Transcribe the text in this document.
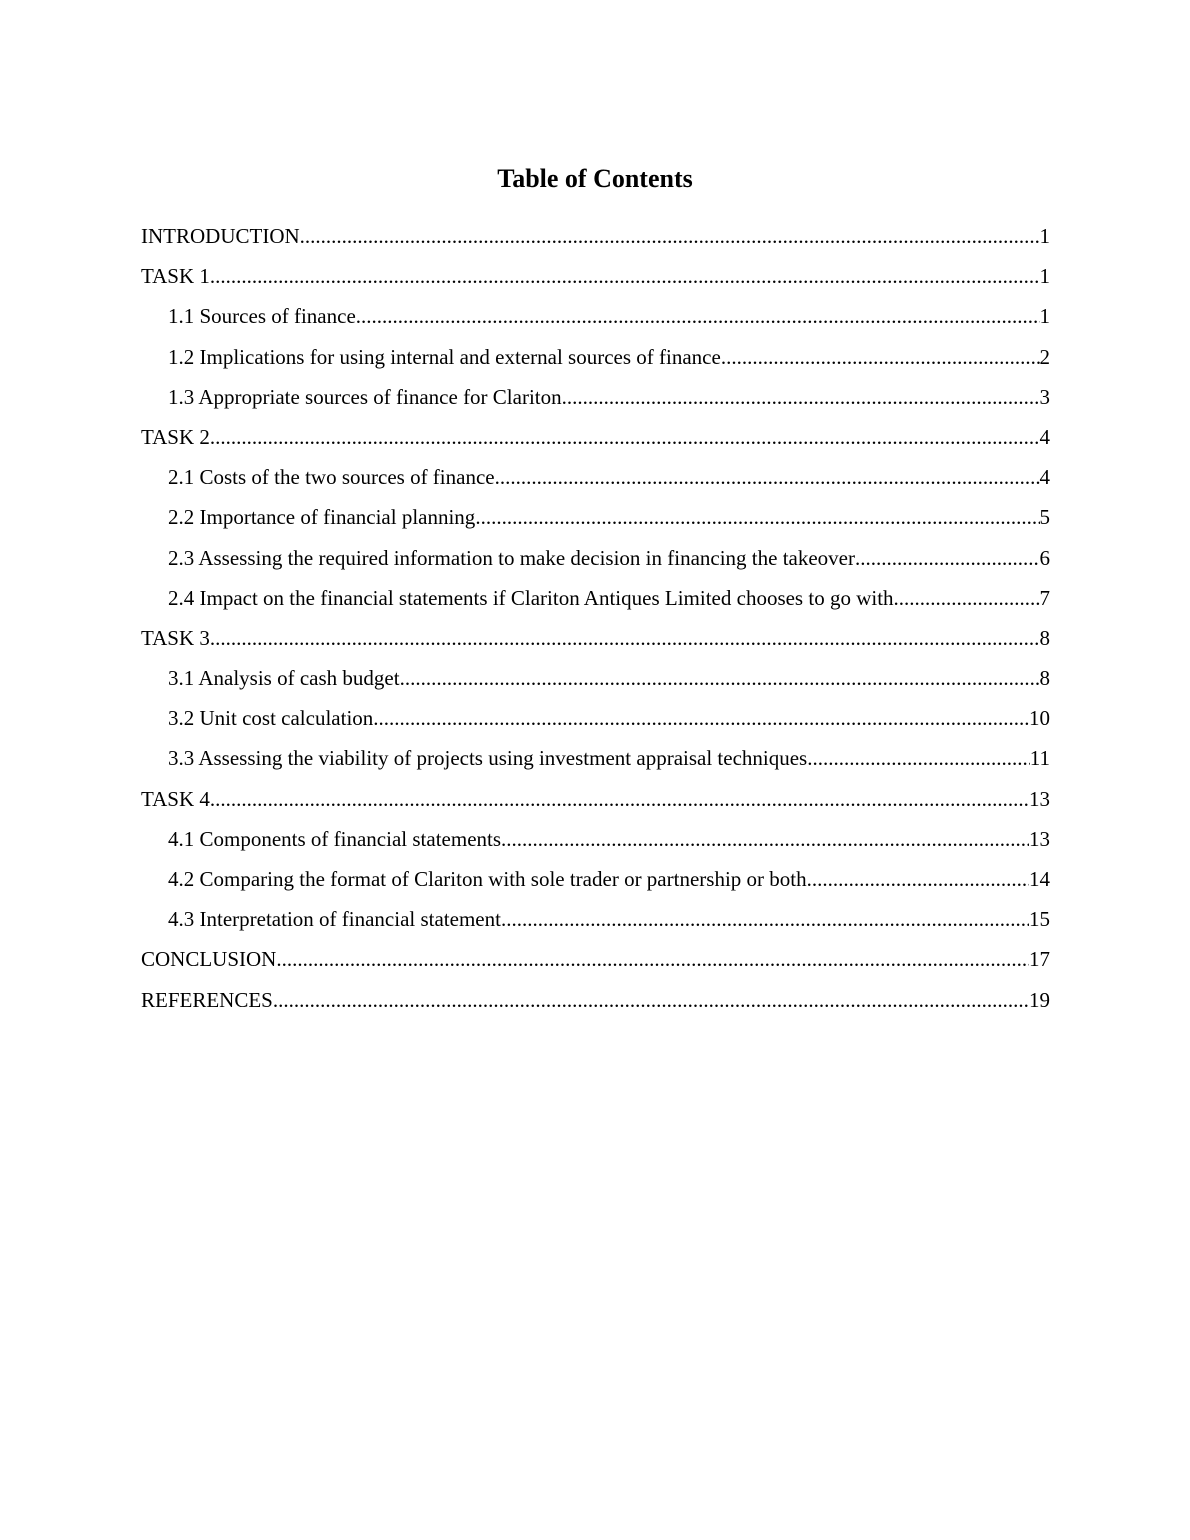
Table of Contents
INTRODUCTION .....	1
TASK 1 .....	1
1.1 Sources of finance .....	1
1.2 Implications for using internal and external sources of finance .....	2
1.3 Appropriate sources of finance for Clariton .....	3
TASK 2 .....	4
2.1 Costs of the two sources of finance .....	4
2.2 Importance of financial planning .....	5
2.3 Assessing the required information to make decision in financing the takeover .....	6
2.4 Impact on the financial statements if Clariton Antiques Limited chooses to go with. .....	7
TASK 3 .....	8
3.1 Analysis of cash budget .....	8
3.2 Unit cost calculation .....	10
3.3 Assessing the viability of projects using investment appraisal techniques .....	11
TASK 4 .....	13
4.1 Components of financial statements .....	13
4.2 Comparing the format of Clariton with sole trader or partnership or both .....	14
4.3 Interpretation of financial statement .....	15
CONCLUSION .....	17
REFERENCES .....	19
